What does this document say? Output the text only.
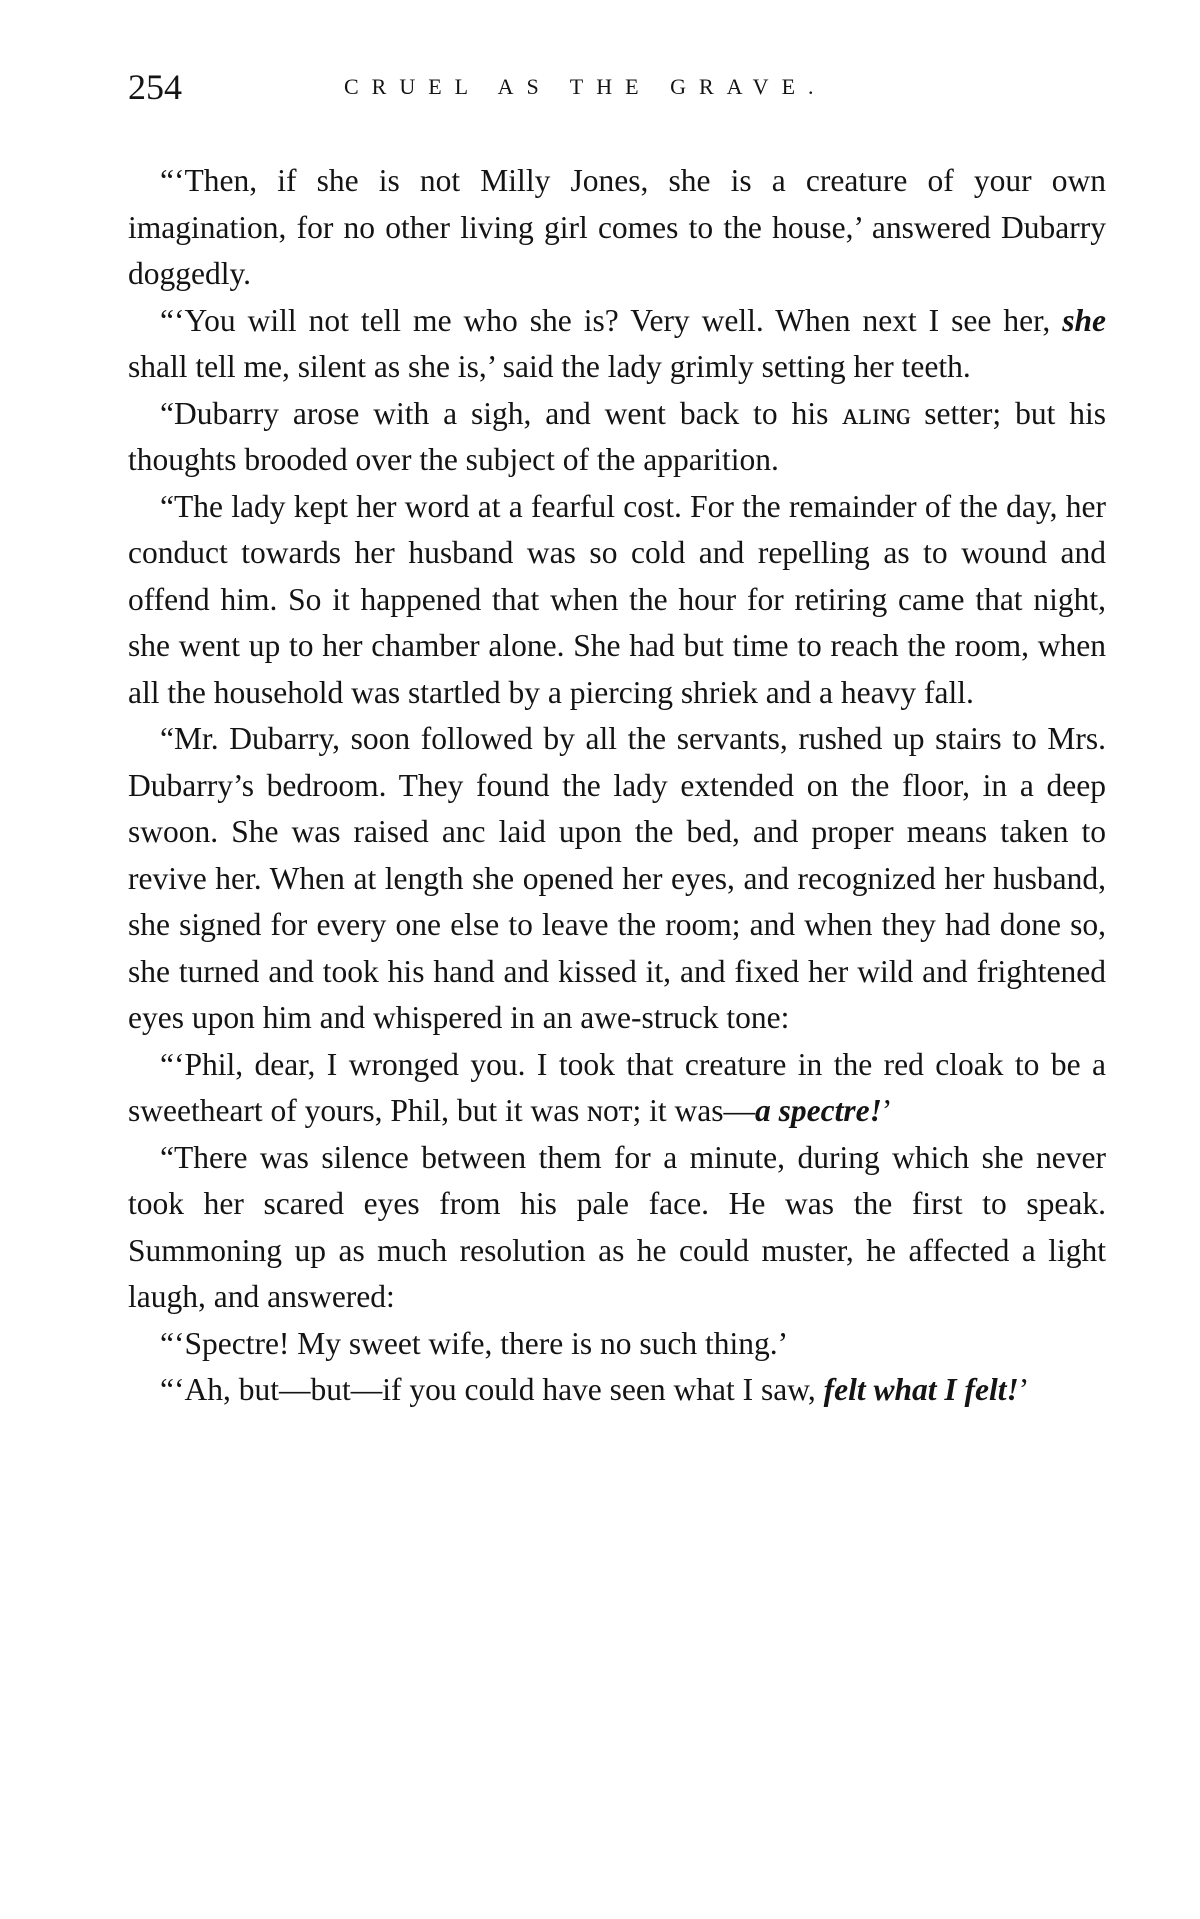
254	CRUEL AS THE GRAVE.

“‘Then, if she is not Milly Jones, she is a creature of your own imagination, for no other living girl comes to the house,’ answered Dubarry doggedly.

“‘You will not tell me who she is? Very well. When next I see her, she shall tell me, silent as she is,’ said the lady grimly setting her teeth.

“Dubarry arose with a sigh, and went back to his ᴀʟɪɴɢ setter; but his thoughts brooded over the subject of the apparition.

“The lady kept her word at a fearful cost. For the remainder of the day, her conduct towards her husband was so cold and repelling as to wound and offend him. So it happened that when the hour for retiring came that night, she went up to her chamber alone. She had but time to reach the room, when all the household was startled by a piercing shriek and a heavy fall.

“Mr. Dubarry, soon followed by all the servants, rushed up stairs to Mrs. Dubarry’s bedroom. They found the lady extended on the floor, in a deep swoon. She was raised anc laid upon the bed, and proper means taken to revive her. When at length she opened her eyes, and recognized her husband, she signed for every one else to leave the room; and when they had done so, she turned and took his hand and kissed it, and fixed her wild and frightened eyes upon him and whispered in an awe-struck tone:

“‘Phil, dear, I wronged you. I took that creature in the red cloak to be a sweetheart of yours, Phil, but it was ɴoᴛ; it was—a spectre!’

“There was silence between them for a minute, during which she never took her scared eyes from his pale face. He was the first to speak. Summoning up as much resolution as he could muster, he affected a light laugh, and answered:

“‘Spectre! My sweet wife, there is no such thing.’

“‘Ah, but—but—if you could have seen what I saw, felt what I felt!’
